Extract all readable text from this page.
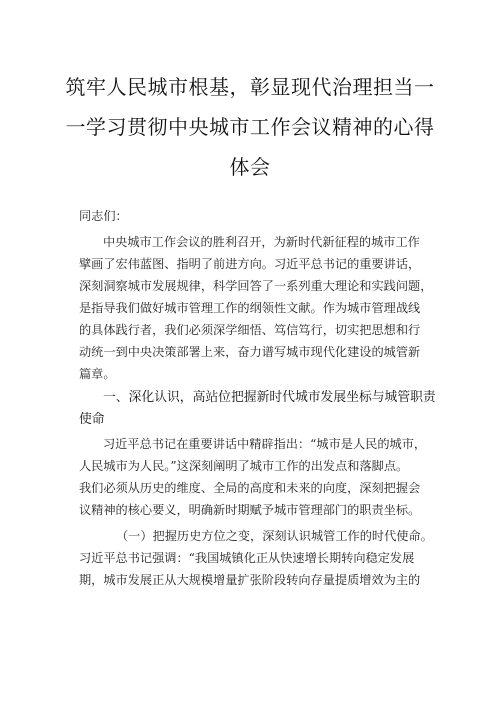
筑牢人民城市根基，彰显现代治理担当一
一学习贯彻中央城市工作会议精神的心得
体会
同志们：
中央城市工作会议的胜利召开，为新时代新征程的城市工作
擘画了宏伟蓝图、指明了前进方向。习近平总书记的重要讲话，
深刻洞察城市发展规律，科学回答了一系列重大理论和实践问题，
是指导我们做好城市管理工作的纲领性文献。作为城市管理战线
的具体践行者，我们必须深学细悟、笃信笃行，切实把思想和行
动统一到中央决策部署上来，奋力谱写城市现代化建设的城管新
篇章。
一、深化认识，高站位把握新时代城市发展坐标与城管职责
使命
习近平总书记在重要讲话中精辟指出：“城市是人民的城市，
人民城市为人民。”这深刻阐明了城市工作的出发点和落脚点。
我们必须从历史的维度、全局的高度和未来的向度，深刻把握会
议精神的核心要义，明确新时期赋予城市管理部门的职责坐标。
（一）把握历史方位之变，深刻认识城管工作的时代使命。
习近平总书记强调：“我国城镇化正从快速增长期转向稳定发展
期，城市发展正从大规模增量扩张阶段转向存量提质增效为主的
